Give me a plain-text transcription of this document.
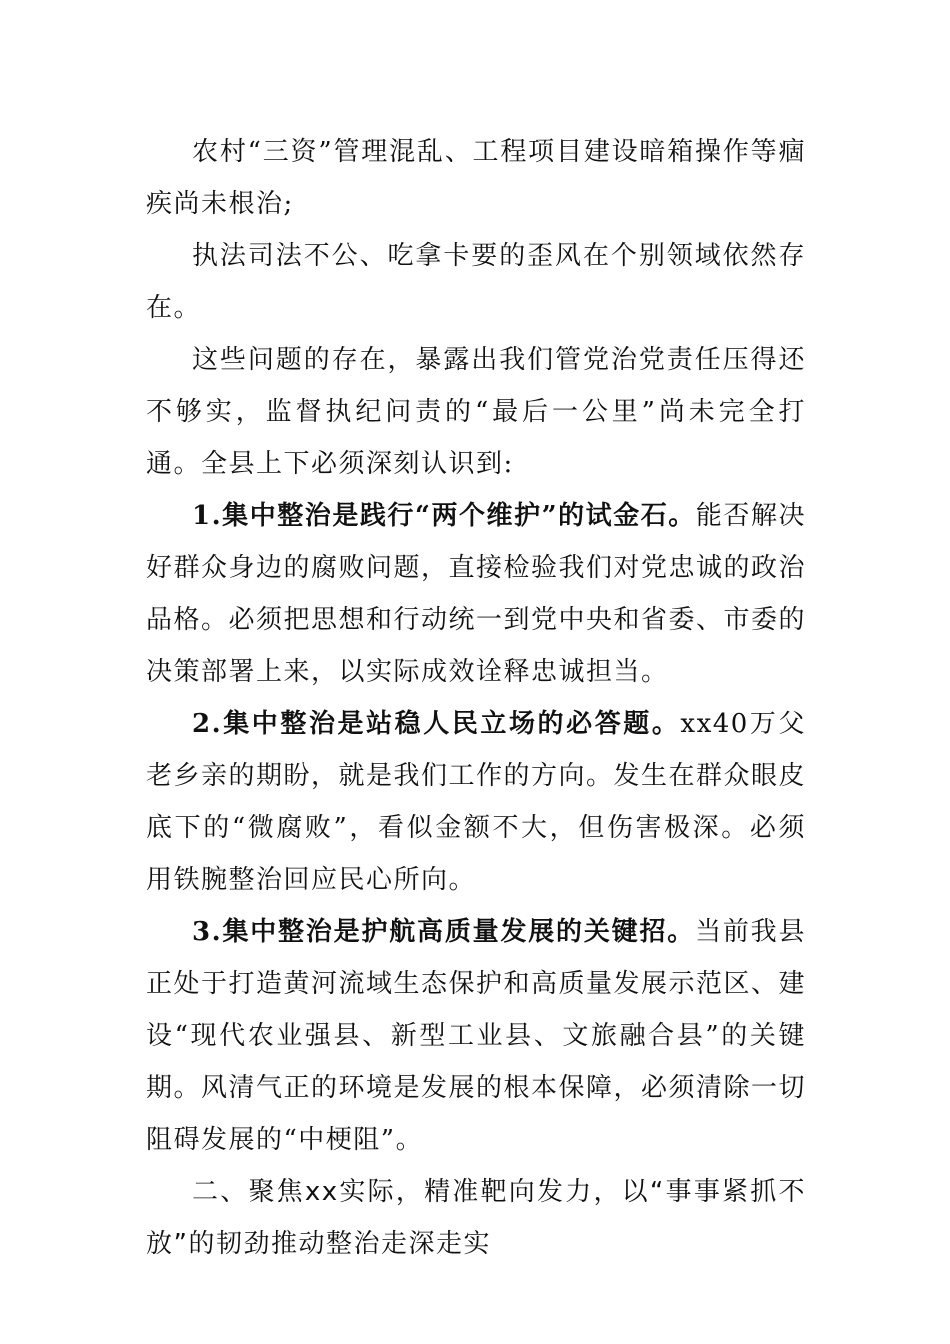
农村“三资”管理混乱、工程项目建设暗箱操作等痼疾尚未根治;

执法司法不公、吃拿卡要的歪风在个别领域依然存在。

这些问题的存在，暴露出我们管党治党责任压得还不够实，监督执纪问责的“最后一公里”尚未完全打通。全县上下必须深刻认识到:

1.集中整治是践行“两个维护”的试金石。能否解决好群众身边的腐败问题，直接检验我们对党忠诚的政治品格。必须把思想和行动统一到党中央和省委、市委的决策部署上来，以实际成效诠释忠诚担当。

2.集中整治是站稳人民立场的必答题。xx40万父老乡亲的期盼，就是我们工作的方向。发生在群众眼皮底下的“微腐败”，看似金额不大，但伤害极深。必须用铁腕整治回应民心所向。

3.集中整治是护航高质量发展的关键招。当前我县正处于打造黄河流域生态保护和高质量发展示范区、建设“现代农业强县、新型工业县、文旅融合县”的关键期。风清气正的环境是发展的根本保障，必须清除一切阻碍发展的“中梗阻”。

二、聚焦xx实际，精准靶向发力，以“事事紧抓不放”的韧劲推动整治走深走实
